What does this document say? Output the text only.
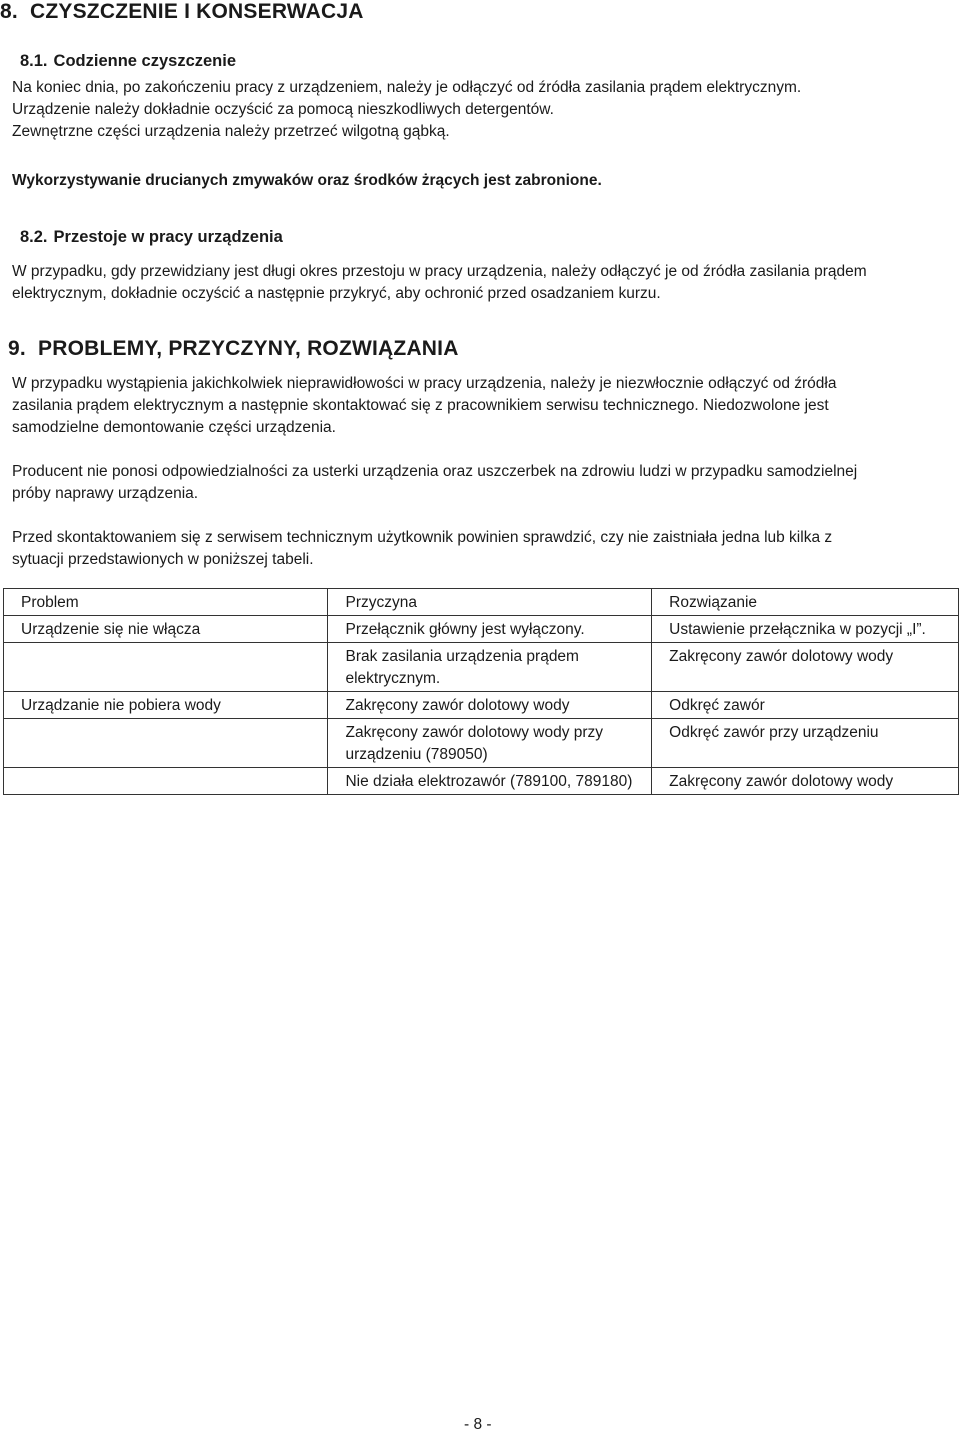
8. CZYSZCZENIE I KONSERWACJA
8.1. Codzienne czyszczenie
Na koniec dnia, po zakończeniu pracy z urządzeniem, należy je odłączyć od źródła zasilania prądem elektrycznym.
Urządzenie należy dokładnie oczyścić za pomocą nieszkodliwych detergentów.
Zewnętrzne części urządzenia należy przetrzeć wilgotną gąbką.
Wykorzystywanie drucianych zmywaków oraz środków żrących jest zabronione.
8.2. Przestoje w pracy urządzenia
W przypadku, gdy przewidziany jest długi okres przestoju w pracy urządzenia, należy odłączyć je od źródła zasilania prądem
elektrycznym, dokładnie oczyścić a następnie przykryć, aby ochronić przed osadzaniem kurzu.
9. PROBLEMY, PRZYCZYNY, ROZWIĄZANIA
W przypadku wystąpienia jakichkolwiek nieprawidłowości w pracy urządzenia, należy je niezwłocznie odłączyć od źródła
zasilania prądem elektrycznym a następnie skontaktować się z pracownikiem serwisu technicznego. Niedozwolone jest
samodzielne demontowanie części urządzenia.
Producent nie ponosi odpowiedzialności za usterki urządzenia oraz uszczerbek na zdrowiu ludzi w przypadku samodzielnej
próby naprawy urządzenia.
Przed skontaktowaniem się z serwisem technicznym użytkownik powinien sprawdzić, czy nie zaistniała jedna lub kilka z
sytuacji przedstawionych w poniższej tabeli.
Problem	Przyczyna	Rozwiązanie
Urządzenie się nie włącza	Przełącznik główny jest wyłączony.	Ustawienie przełącznika w pozycji „I”.
	Brak zasilania urządzenia prądem elektrycznym.	Zakręcony zawór dolotowy wody
Urządzanie nie pobiera wody	Zakręcony zawór dolotowy wody	Odkręć zawór
	Zakręcony zawór dolotowy wody przy urządzeniu (789050)	Odkręć zawór przy urządzeniu
	Nie działa elektrozawór (789100, 789180)	Zakręcony zawór dolotowy wody
- 8 -
